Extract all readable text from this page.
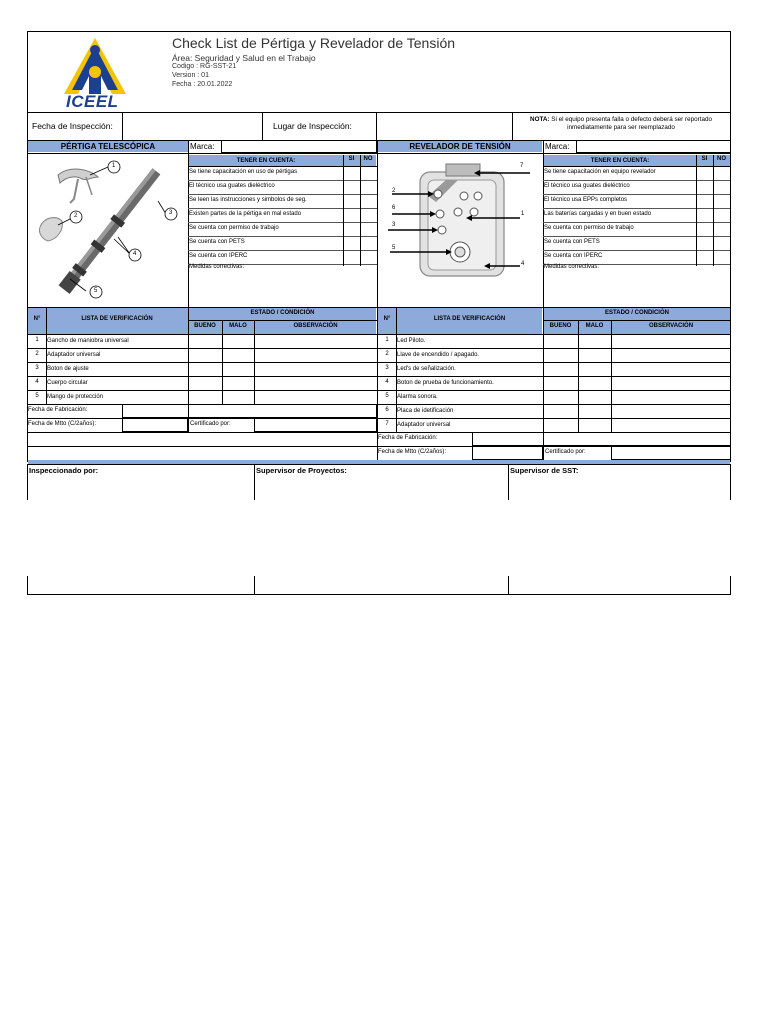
ICEEL
Check List de Pértiga y Revelador de Tensión
Área: Seguridad y Salud en el Trabajo
Codigo : RG-SST-21
Version : 01
Fecha : 20.01.2022
Fecha de Inspección:	Lugar de Inspección:
NOTA: Si el equipo presenta falla o defecto deberá ser reportado inmediatamente para ser reemplazado
PÉRTIGA TELESCÓPICA	Marca:	REVELADOR DE TENSIÓN	Marca:
1
2	3
4
5
TENER EN CUENTA:	SI	NO
Se tiene capacitación en uso de pértigas
El técnico usa guates dieléctrico
Se leen las instrucciones y simbolos de seg.
Existen partes de la pértiga en mal estado
Se cuenta con permiso de trabajo
Se cuenta con PETS
Se cuenta con IPERC
Medidas correctivas:
7
2
6
1
3
5
4
TENER EN CUENTA:	SI	NO
Se tiene capacitación en equipo revelador
El técnico usa guates dieléctrico
El técnico usa EPPs completos
Las baterías cargadas y en buen estado
Se cuenta con permiso de trabajo
Se cuenta con PETS
Se cuenta con IPERC
Medidas correctivas:
N°	LISTA DE VERIFICACIÓN
ESTADO / CONDICIÓN
BUENO	MALO	OBSERVACIÓN
1	Gancho de maniobra universal
2	Adaptador universal
3	Boton de ajuste
4	Cuerpo circular
5	Mango de protección
N°	LISTA DE VERIFICACIÓN
ESTADO / CONDICIÓN
BUENO	MALO	OBSERVACIÓN
1	Led Piloto.
2	Llave de encendido / apagado.
3	Led's de señalización.
4	Boton de prueba de funcionamiento.
5	Alarma sonora.
6	Placa de idetificación
7	Adaptador universal
Fecha de Fabricación:
Fecha de Mtto (C/2años):	Certificado por:
Fecha de Fabricación:
Fecha de Mtto (C/2años):	Certificado por:
Inspeccionado por:	Supervisor de Proyectos:	Supervisor de SST:
